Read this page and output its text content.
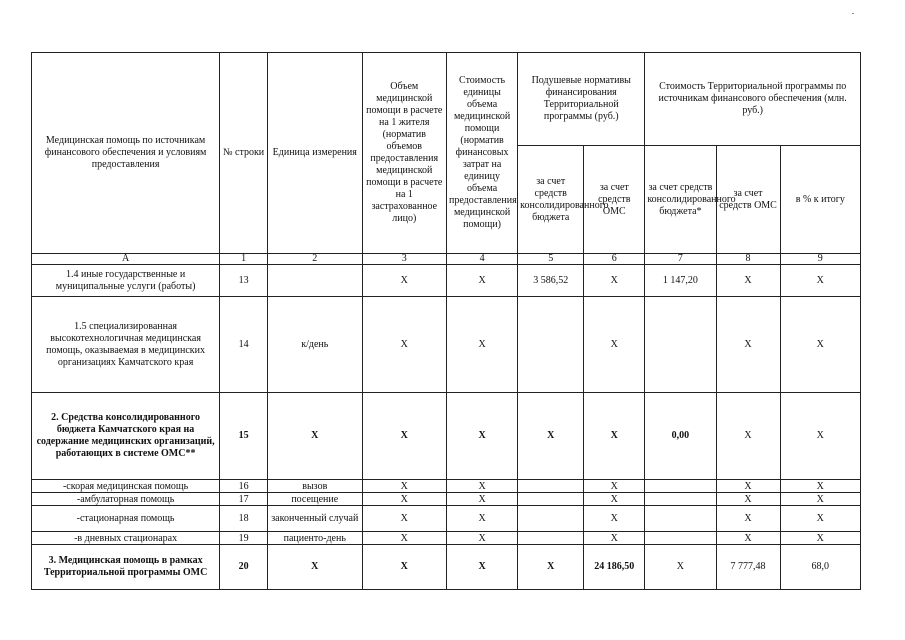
Медицинская помощь по источникам финансового обеспечения и условиям предоставления	№ строки	Единица измерения	Объем медицинской помощи в расчете на 1 жителя (норматив объемов предоставления медицинской помощи в расчете на 1 застрахованное лицо)	Стоимость единицы объема медицинской помощи (норматив финансовых затрат на единицу объема предоставления медицинской помощи)	Подушевые нормативы финансирования Территориальной программы (руб.)		Стоимость Территориальной программы по источникам финансового обеспечения (млн. руб.)		
					за счет средств консолидированного бюджета	за счет средств ОМС	за счет средств консолидированного бюджета*	за счет средств ОМС	в % к итогу
А	1	2	3	4	5	6	7	8	9
1.4 иные государственные и муниципальные услуги (работы)	13		X	X	3 586,52	X	1 147,20	X	X
1.5 специализированная высокотехнологичная медицинская помощь, оказываемая в медицинских организациях Камчатского края	14	к/день	X	X		X		X	X
2. Средства консолидированного бюджета Камчатского края на содержание медицинских организаций, работающих в системе ОМС**	15	X	X	X	X	X	0,00	X	X
-скорая медицинская помощь	16	вызов	X	X		X		X	X
-амбулаторная помощь	17	посещение	X	X		X		X	X
-стационарная помощь	18	законченный случай	X	X		X		X	X
-в дневных стационарах	19	пациенто-день	X	X		X		X	X
3. Медицинская помощь в рамках Территориальной программы ОМС	20	X	X	X	X	24 186,50	X	7 777,48	68,0
